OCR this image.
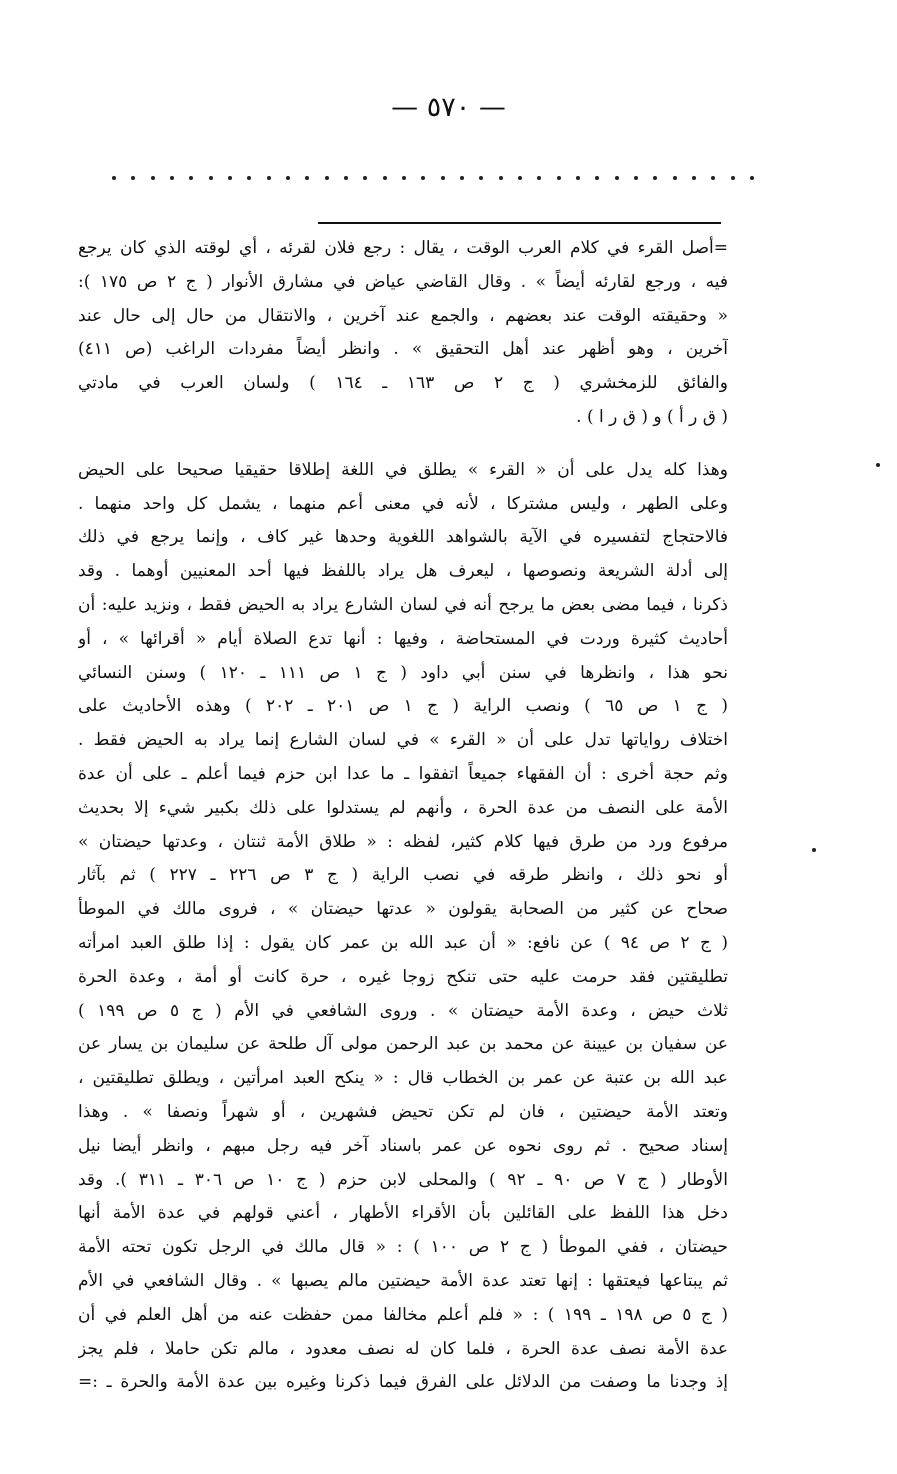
— ٥٧٠ —
=أصل القرء في كلام العرب الوقت ، يقال : رجع فلان لقرئه ، أي لوقته الذي كان يرجع
فيه ، ورجع لقارئه أيضاً » . وقال القاضي عياض في مشارق الأنوار ( ج ٢ ص ١٧٥ ):
« وحقيقته الوقت عند بعضهم ، والجمع عند آخرين ، والانتقال من حال إلى حال عند
آخرين ، وهو أظهر عند أهل التحقيق » . وانظر أيضاً مفردات الراغب (ص ٤١١)
والفائق للزمخشري ( ج ٢ ص ١٦٣ ـ ١٦٤ ) ولسان العرب في مادتي
( ق ر أ ) و ( ق ر ا ) .
وهذا كله يدل على أن « القرء » يطلق في اللغة إطلاقا حقيقيا صحيحا على الحيض
وعلى الطهر ، وليس مشتركا ، لأنه في معنى أعم منهما ، يشمل كل واحد منهما .
فالاحتجاج لتفسيره في الآية بالشواهد اللغوية وحدها غير كاف ، وإنما يرجع في ذلك
إلى أدلة الشريعة ونصوصها ، ليعرف هل يراد باللفظ فيها أحد المعنيين أوهما . وقد
ذكرنا ، فيما مضى بعض ما يرجح أنه في لسان الشارع يراد به الحيض فقط ، ونزيد عليه: أن
أحاديث كثيرة وردت في المستحاضة ، وفيها : أنها تدع الصلاة أيام « أقرائها » ، أو
نحو هذا ، وانظرها في سنن أبي داود ( ج ١ ص ١١١ ـ ١٢٠ ) وسنن النسائي
( ج ١ ص ٦٥ ) ونصب الراية ( ج ١ ص ٢٠١ ـ ٢٠٢ ) وهذه الأحاديث على
اختلاف رواياتها تدل على أن « القرء » في لسان الشارع إنما يراد به الحيض فقط .
وثم حجة أخرى : أن الفقهاء جميعاً اتفقوا ـ ما عدا ابن حزم فيما أعلم ـ على أن عدة
الأمة على النصف من عدة الحرة ، وأنهم لم يستدلوا على ذلك بكبير شيء إلا بحديث
مرفوع ورد من طرق فيها كلام كثير، لفظه : « طلاق الأمة ثنتان ، وعدتها حيضتان »
أو نحو ذلك ، وانظر طرقه في نصب الراية ( ج ٣ ص ٢٢٦ ـ ٢٢٧ ) ثم بآثار
صحاح عن كثير من الصحابة يقولون « عدتها حيضتان » ، فروى مالك في الموطأ
( ج ٢ ص ٩٤ ) عن نافع: « أن عبد الله بن عمر كان يقول : إذا طلق العبد امرأته
تطليقتين فقد حرمت عليه حتى تنكح زوجا غيره ، حرة كانت أو أمة ، وعدة الحرة
ثلاث حيض ، وعدة الأمة حيضتان » . وروى الشافعي في الأم ( ج ٥ ص ١٩٩ )
عن سفيان بن عيينة عن محمد بن عبد الرحمن مولى آل طلحة عن سليمان بن يسار عن
عبد الله بن عتبة عن عمر بن الخطاب قال : « ينكح العبد امرأتين ، ويطلق تطليقتين ،
وتعتد الأمة حيضتين ، فان لم تكن تحيض فشهرين ، أو شهراً ونصفا » . وهذا
إسناد صحيح . ثم روى نحوه عن عمر باسناد آخر فيه رجل مبهم ، وانظر أيضا نيل
الأوطار ( ج ٧ ص ٩٠ ـ ٩٢ ) والمحلى لابن حزم ( ج ١٠ ص ٣٠٦ ـ ٣١١ ). وقد
دخل هذا اللفظ على القائلين بأن الأقراء الأطهار ، أعني قولهم في عدة الأمة أنها
حيضتان ، ففي الموطأ ( ج ٢ ص ١٠٠ ) : « قال مالك في الرجل تكون تحته الأمة
ثم يبتاعها فيعتقها : إنها تعتد عدة الأمة حيضتين مالم يصبها » . وقال الشافعي في الأم
( ج ٥ ص ١٩٨ ـ ١٩٩ ) : « فلم أعلم مخالفا ممن حفظت عنه من أهل العلم في أن
عدة الأمة نصف عدة الحرة ، فلما كان له نصف معدود ، مالم تكن حاملا ، فلم يجز
إذ وجدنا ما وصفت من الدلائل على الفرق فيما ذكرنا وغيره بين عدة الأمة والحرة ـ :=
